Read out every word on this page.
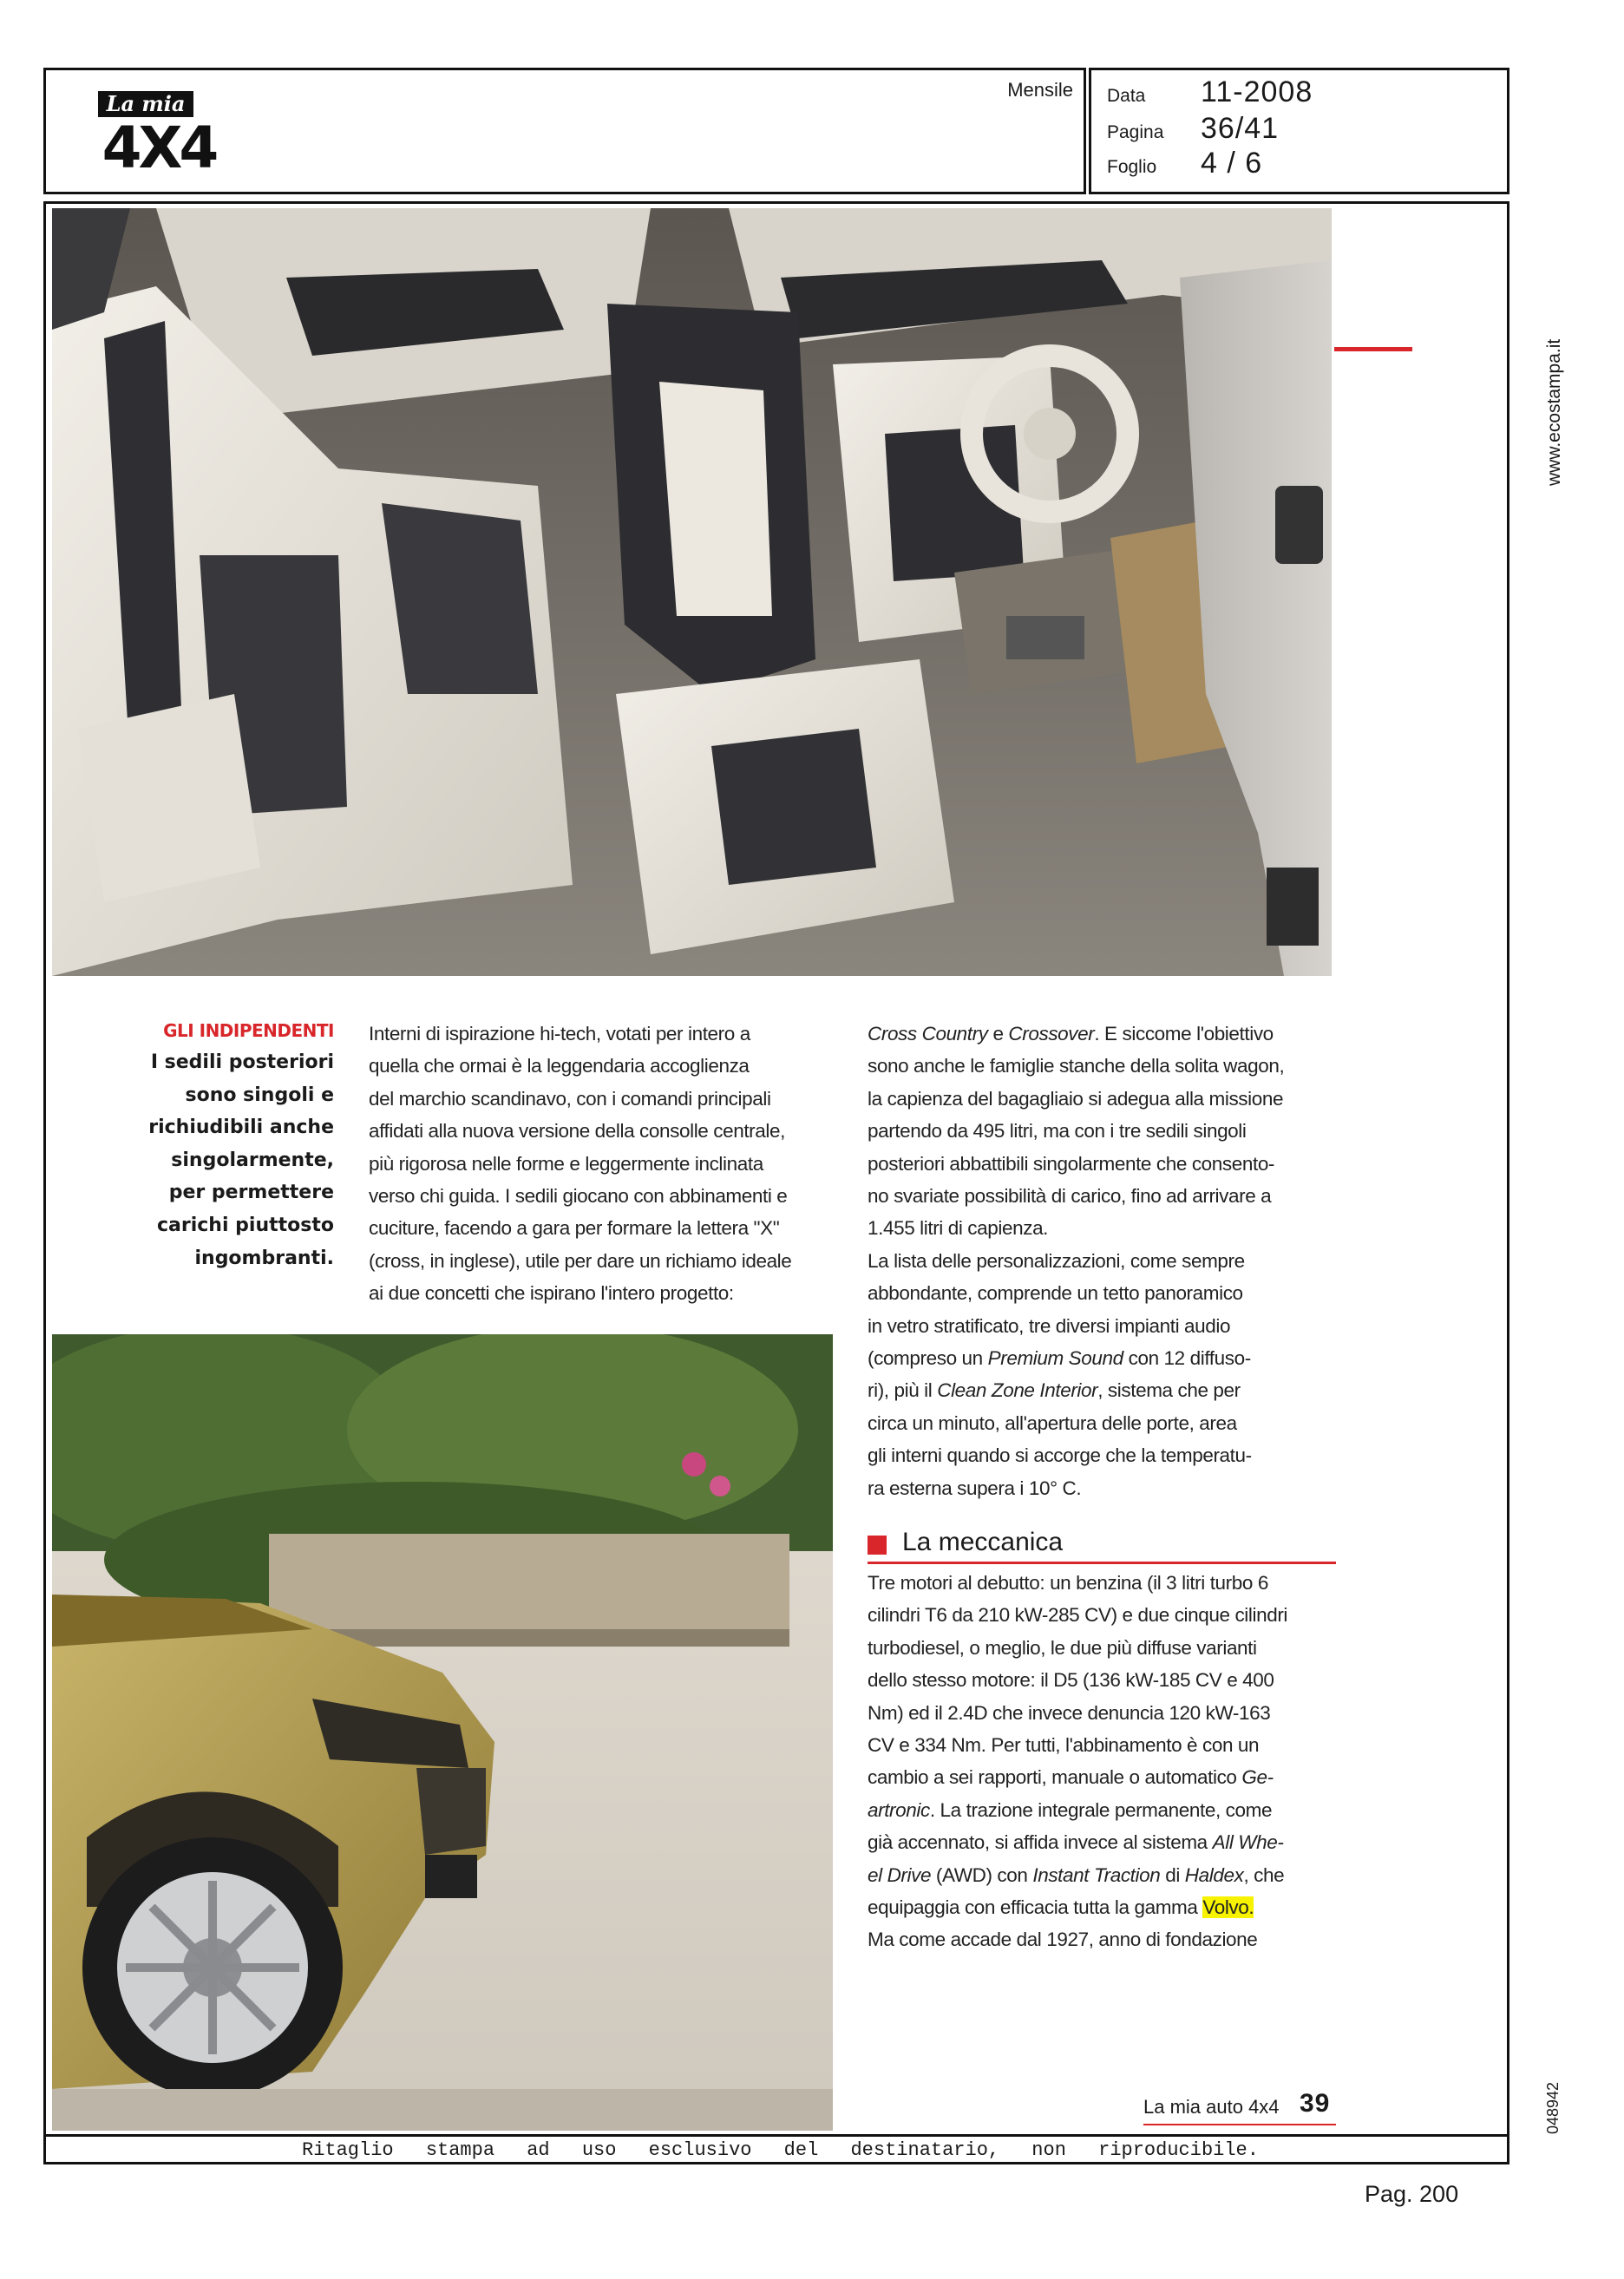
La mia
4X4
Mensile Data	11-2008
Pagina	36/41
Foglio	4 / 6
www.ecostampa.it
048942
GLI INDIPENDENTI
I sedili posteriori
sono singoli e
richiudibili anche
singolarmente,
per permettere
carichi piuttosto
ingombranti.
Interni di ispirazione hi-tech, votati per intero a
quella che ormai è la leggendaria accoglienza
del marchio scandinavo, con i comandi principali
affidati alla nuova versione della consolle centrale,
più rigorosa nelle forme e leggermente inclinata
verso chi guida. I sedili giocano con abbinamenti e
cuciture, facendo a gara per formare la lettera "X"
(cross, in inglese), utile per dare un richiamo ideale
ai due concetti che ispirano l'intero progetto:
Cross Country e Crossover. E siccome l'obiettivo
sono anche le famiglie stanche della solita wagon,
la capienza del bagagliaio si adegua alla missione
partendo da 495 litri, ma con i tre sedili singoli
posteriori abbattibili singolarmente che consento-
no svariate possibilità di carico, fino ad arrivare a
1.455 litri di capienza.
La lista delle personalizzazioni, come sempre
abbondante, comprende un tetto panoramico
in vetro stratificato, tre diversi impianti audio
(compreso un Premium Sound con 12 diffuso-
ri), più il Clean Zone Interior, sistema che per
circa un minuto, all'apertura delle porte, area
gli interni quando si accorge che la temperatu-
ra esterna supera i 10° C.
La meccanica
Tre motori al debutto: un benzina (il 3 litri turbo 6
cilindri T6 da 210 kW-285 CV) e due cinque cilindri
turbodiesel, o meglio, le due più diffuse varianti
dello stesso motore: il D5 (136 kW-185 CV e 400
Nm) ed il 2.4D che invece denuncia 120 kW-163
CV e 334 Nm. Per tutti, l'abbinamento è con un
cambio a sei rapporti, manuale o automatico Ge-
artronic. La trazione integrale permanente, come
già accennato, si affida invece al sistema All Whe-
el Drive (AWD) con Instant Traction di Haldex, che
equipaggia con efficacia tutta la gamma Volvo.
Ma come accade dal 1927, anno di fondazione
La mia auto 4x4 39
Ritaglio stampa ad uso esclusivo del destinatario, non riproducibile.
Pag. 200
